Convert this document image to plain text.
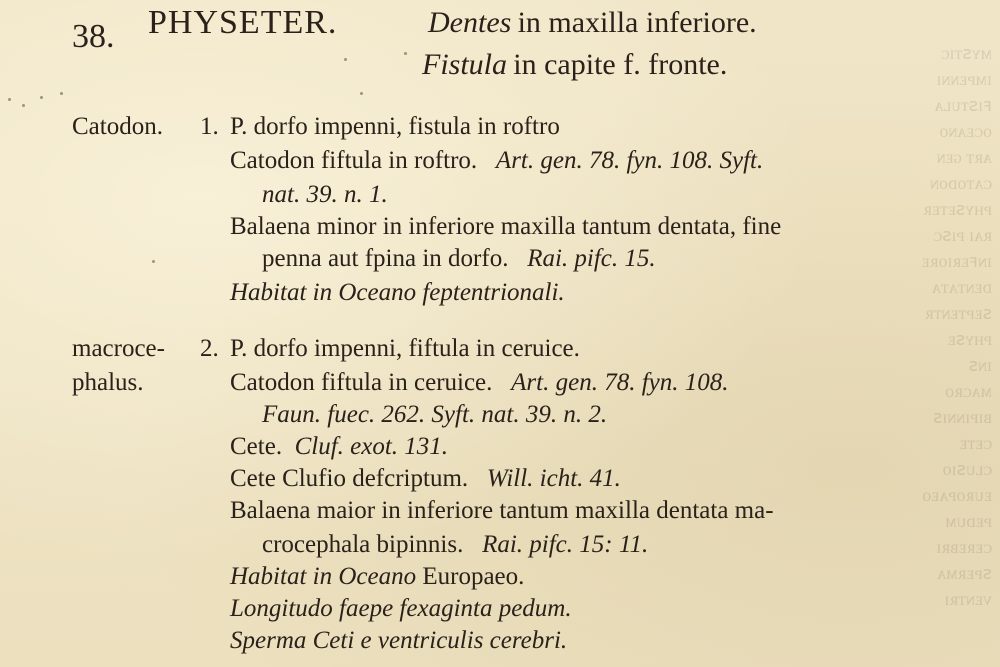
ᴍʏꜱᴛɪᴄ
ɪᴍᴘᴇɴɴɪ
ꜰɪꜱᴛᴜʟᴀ
ᴏᴄᴇᴀɴᴏ
ᴀʀᴛ ɢᴇɴ
ᴄᴀᴛᴏᴅᴏɴ
ᴘʜʏꜱᴇᴛᴇʀ
ʀᴀɪ ᴘɪꜱᴄ
ɪɴꜰᴇʀɪᴏʀᴇ
ᴅᴇɴᴛᴀᴛᴀ
ꜱᴇᴘᴛᴇɴᴛʀ
ᴘʜʏꜱᴇ
ɪɴꜱ
ᴍᴀᴄʀᴏ
ʙɪᴘɪɴɴɪꜱ
ᴄᴇᴛᴇ
ᴄʟᴜꜱɪᴏ
ᴇᴜʀᴏᴘᴀᴇᴏ
ᴘᴇᴅᴜᴍ
ᴄᴇʀᴇʙʀɪ
ꜱᴘᴇʀᴍᴀ
ᴠᴇɴᴛʀɪ
38. PHYSETER.	Dentes in maxilla inferiore.
Fistula in capite f. fronte.
Catodon. 1. P. dorfo impenni, fistula in roftro
Catodon fiftula in roftro. Art. gen. 78. fyn. 108. Syft.
nat. 39. n. 1.
Balaena minor in inferiore maxilla tantum dentata, fine
penna aut fpina in dorfo. Rai. pifc. 15.
Habitat in Oceano feptentrionali.
macroce-
phalus.
2. P. dorfo impenni, fiftula in ceruice.
Catodon fiftula in ceruice. Art. gen. 78. fyn. 108.
Faun. fuec. 262. Syft. nat. 39. n. 2.
Cete. Cluf. exot. 131.
Cete Clufio defcriptum. Will. icht. 41.
Balaena maior in inferiore tantum maxilla dentata ma-
crocephala bipinnis. Rai. pifc. 15: 11.
Habitat in Oceano Europaeo.
Longitudo faepe fexaginta pedum.
Sperma Ceti e ventriculis cerebri.
